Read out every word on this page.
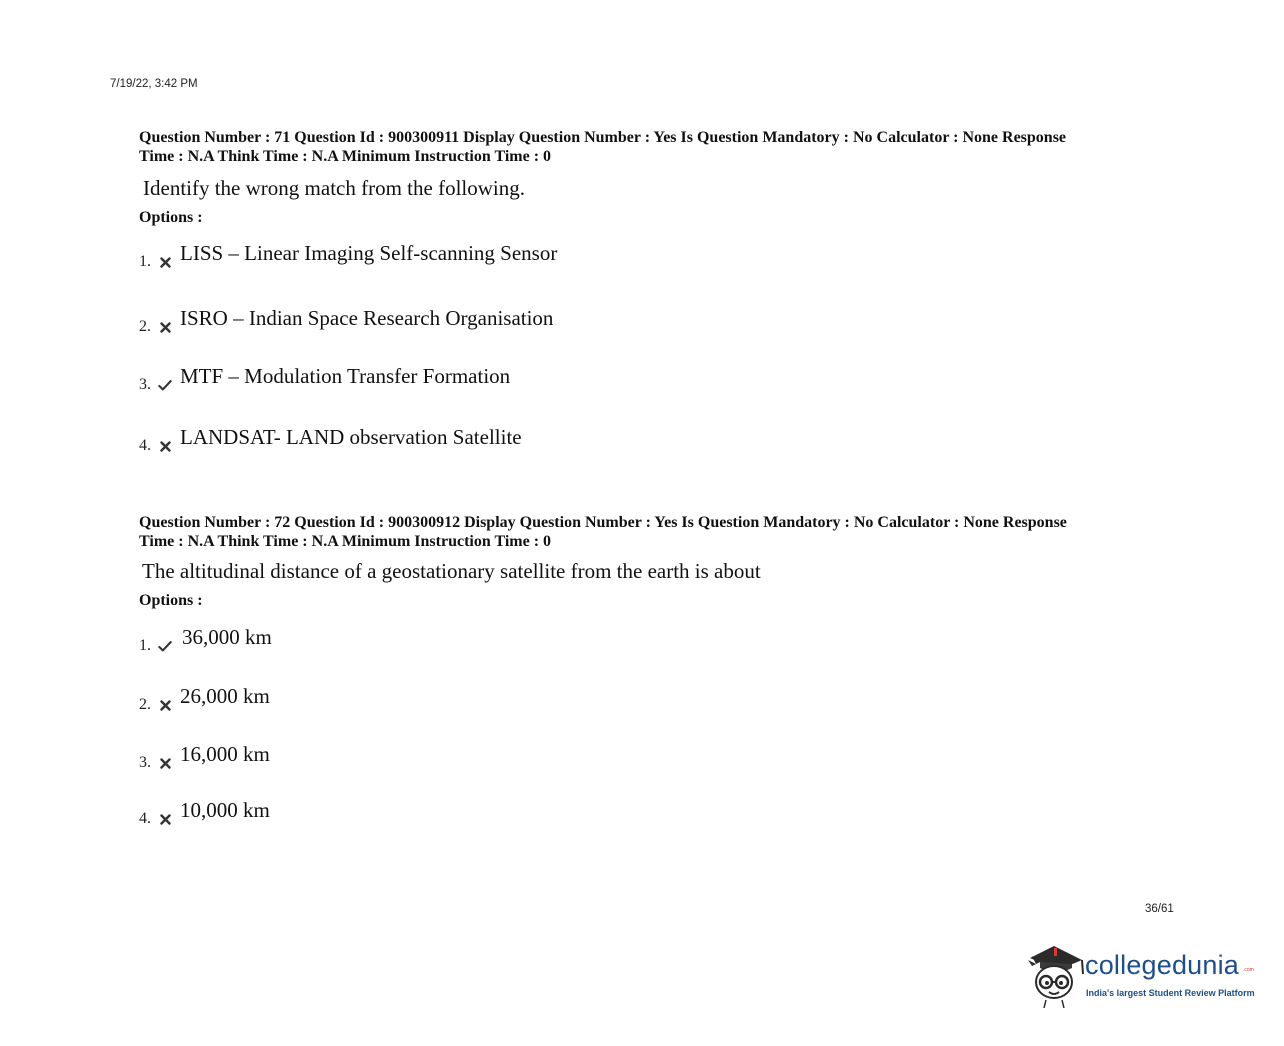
7/19/22, 3:42 PM

Question Number : 71 Question Id : 900300911 Display Question Number : Yes Is Question Mandatory : No Calculator : None Response

Time : N.A Think Time : N.A Minimum Instruction Time : 0

Identify the wrong match from the following.
Options :
1. LISS – Linear Imaging Self-scanning Sensor
2. ISRO – Indian Space Research Organisation
3. MTF – Modulation Transfer Formation
4. LANDSAT- LAND observation Satellite

Question Number : 72 Question Id : 900300912 Display Question Number : Yes Is Question Mandatory : No Calculator : None Response

Time : N.A Think Time : N.A Minimum Instruction Time : 0

The altitudinal distance of a geostationary satellite from the earth is about
Options :
1. 36,000 km
2. 26,000 km
3. 16,000 km
4. 10,000 km
36/61
collegedunia .com
India's largest Student Review Platform
